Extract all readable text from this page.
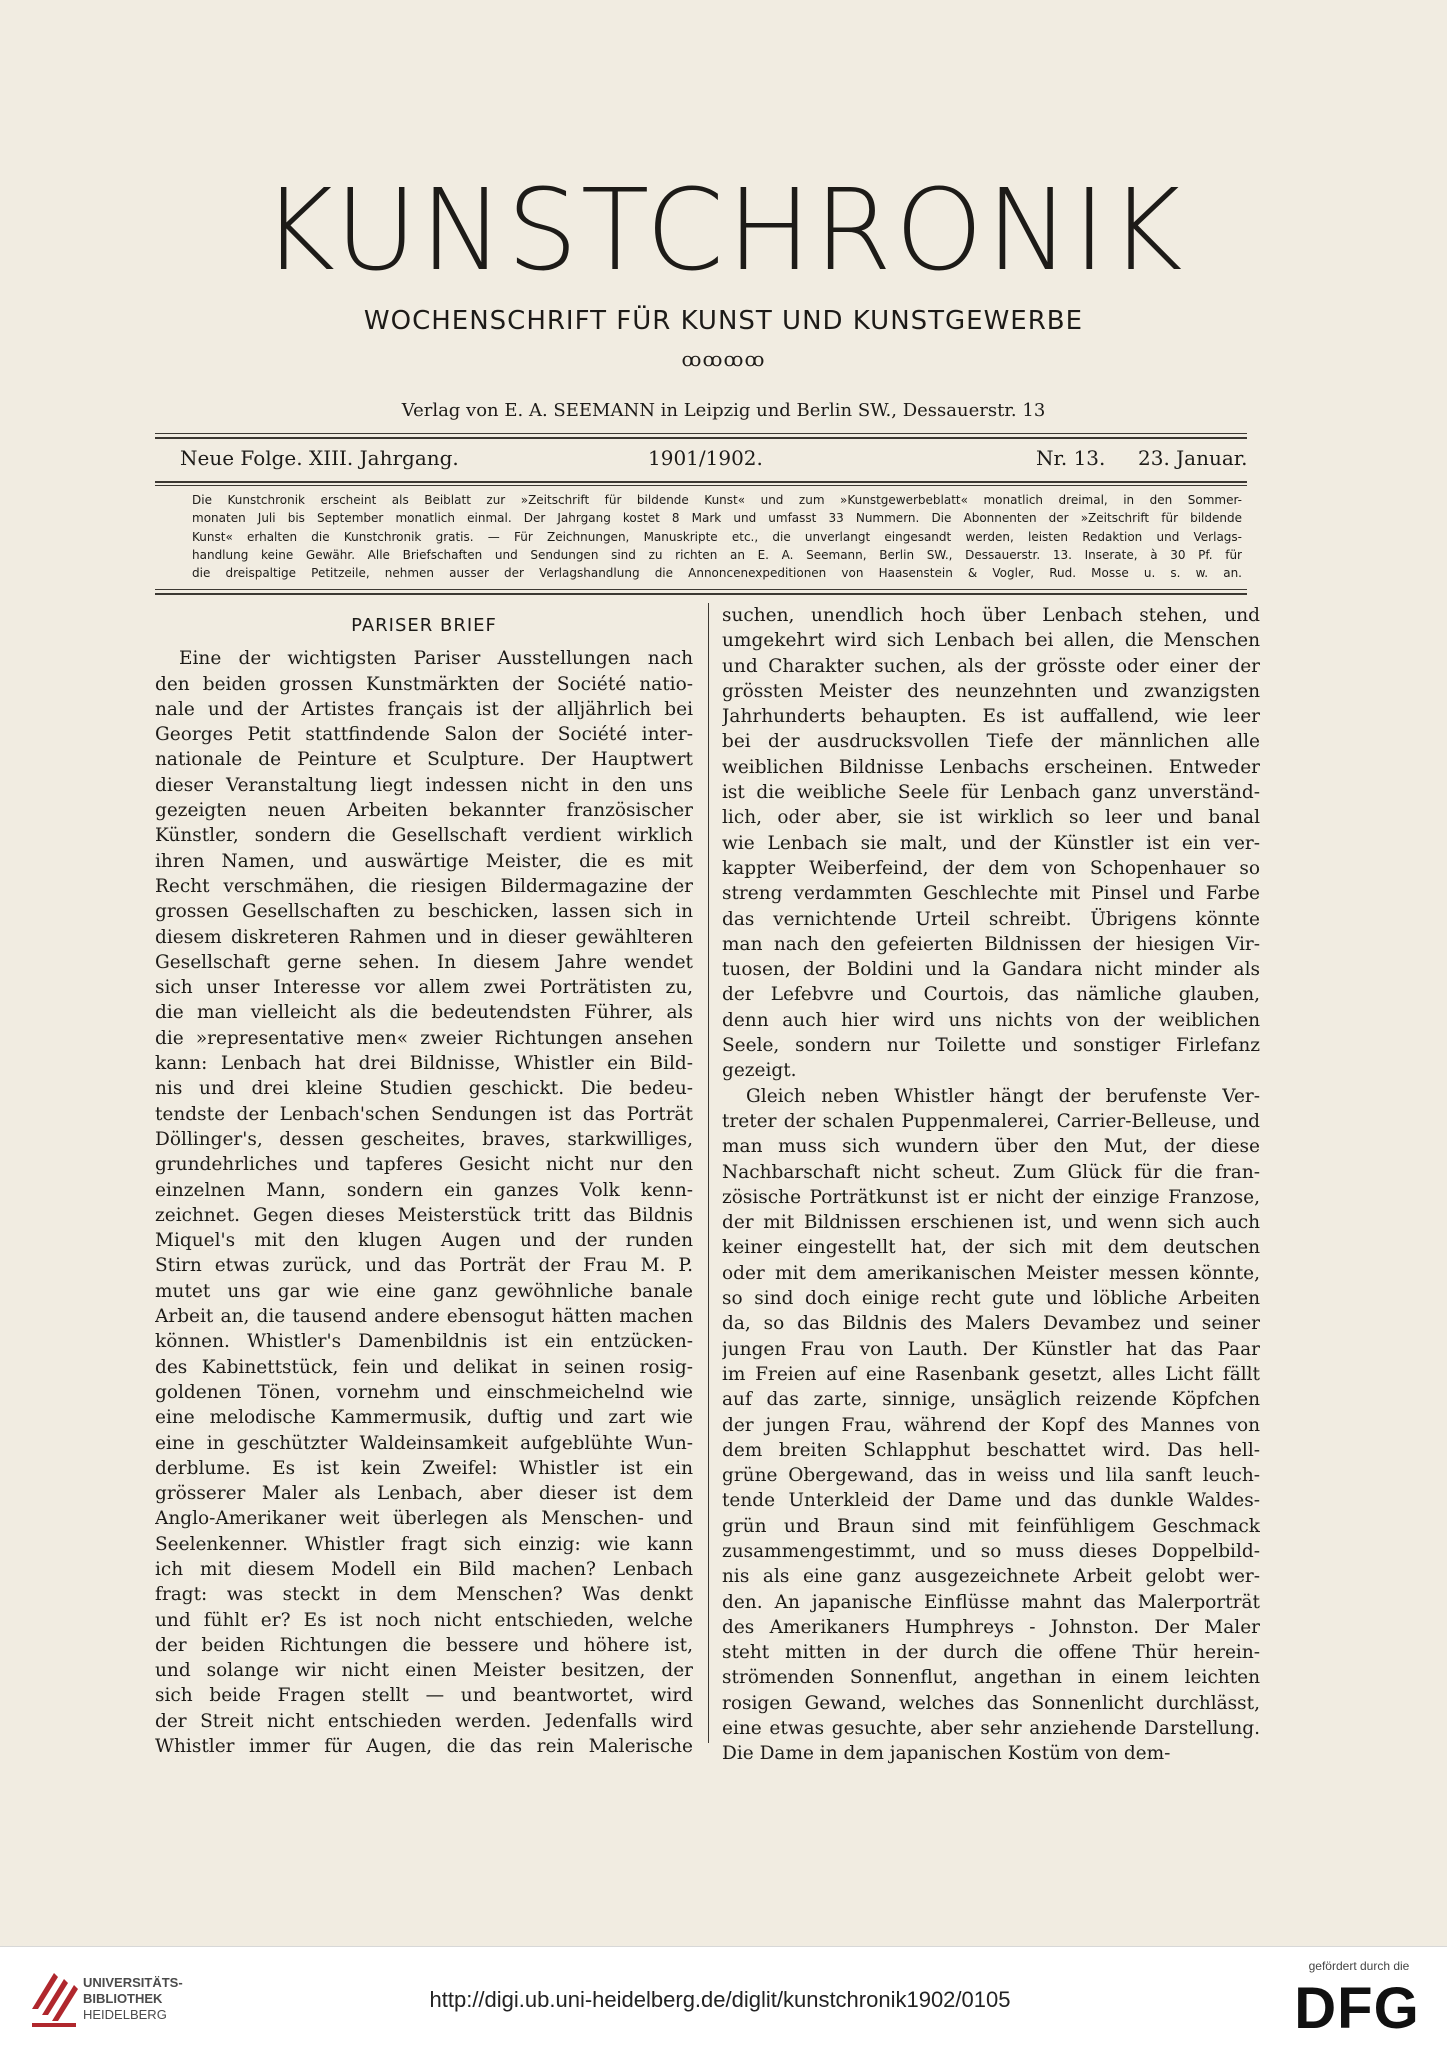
KUNSTCHRONIK
WOCHENSCHRIFT FÜR KUNST UND KUNSTGEWERBE
ꝏꝏꝏꝏ
Verlag von E. A. SEEMANN in Leipzig und Berlin SW., Dessauerstr. 13
Neue Folge. XIII. Jahrgang.	1901/1902.	Nr. 13. 23. Januar.
Die Kunstchronik erscheint als Beiblatt zur »Zeitschrift für bildende Kunst« und zum »Kunstgewerbeblatt« monatlich dreimal, in den Sommer-
monaten Juli bis September monatlich einmal. Der Jahrgang kostet 8 Mark und umfasst 33 Nummern. Die Abonnenten der »Zeitschrift für bildende
Kunst« erhalten die Kunstchronik gratis. — Für Zeichnungen, Manuskripte etc., die unverlangt eingesandt werden, leisten Redaktion und Verlags-
handlung keine Gewähr. Alle Briefschaften und Sendungen sind zu richten an E. A. Seemann, Berlin SW., Dessauerstr. 13. Inserate, à 30 Pf. für
die dreispaltige Petitzeile, nehmen ausser der Verlagshandlung die Annoncenexpeditionen von Haasenstein & Vogler, Rud. Mosse u. s. w. an.
PARISER BRIEF
Eine der wichtigsten Pariser Ausstellungen nach
den beiden grossen Kunstmärkten der Société natio-
nale und der Artistes français ist der alljährlich bei
Georges Petit stattfindende Salon der Société inter-
nationale de Peinture et Sculpture. Der Hauptwert
dieser Veranstaltung liegt indessen nicht in den uns
gezeigten neuen Arbeiten bekannter französischer
Künstler, sondern die Gesellschaft verdient wirklich
ihren Namen, und auswärtige Meister, die es mit
Recht verschmähen, die riesigen Bildermagazine der
grossen Gesellschaften zu beschicken, lassen sich in
diesem diskreteren Rahmen und in dieser gewählteren
Gesellschaft gerne sehen. In diesem Jahre wendet
sich unser Interesse vor allem zwei Porträtisten zu,
die man vielleicht als die bedeutendsten Führer, als
die »representative men« zweier Richtungen ansehen
kann: Lenbach hat drei Bildnisse, Whistler ein Bild-
nis und drei kleine Studien geschickt. Die bedeu-
tendste der Lenbach'schen Sendungen ist das Porträt
Döllinger's, dessen gescheites, braves, starkwilliges,
grundehrliches und tapferes Gesicht nicht nur den
einzelnen Mann, sondern ein ganzes Volk kenn-
zeichnet. Gegen dieses Meisterstück tritt das Bildnis
Miquel's mit den klugen Augen und der runden
Stirn etwas zurück, und das Porträt der Frau M. P.
mutet uns gar wie eine ganz gewöhnliche banale
Arbeit an, die tausend andere ebensogut hätten machen
können. Whistler's Damenbildnis ist ein entzücken-
des Kabinettstück, fein und delikat in seinen rosig-
goldenen Tönen, vornehm und einschmeichelnd wie
eine melodische Kammermusik, duftig und zart wie
eine in geschützter Waldeinsamkeit aufgeblühte Wun-
derblume. Es ist kein Zweifel: Whistler ist ein
grösserer Maler als Lenbach, aber dieser ist dem
Anglo-Amerikaner weit überlegen als Menschen- und
Seelenkenner. Whistler fragt sich einzig: wie kann
ich mit diesem Modell ein Bild machen? Lenbach
fragt: was steckt in dem Menschen? Was denkt
und fühlt er? Es ist noch nicht entschieden, welche
der beiden Richtungen die bessere und höhere ist,
und solange wir nicht einen Meister besitzen, der
sich beide Fragen stellt — und beantwortet, wird
der Streit nicht entschieden werden. Jedenfalls wird
Whistler immer für Augen, die das rein Malerische
suchen, unendlich hoch über Lenbach stehen, und
umgekehrt wird sich Lenbach bei allen, die Menschen
und Charakter suchen, als der grösste oder einer der
grössten Meister des neunzehnten und zwanzigsten
Jahrhunderts behaupten. Es ist auffallend, wie leer
bei der ausdrucksvollen Tiefe der männlichen alle
weiblichen Bildnisse Lenbachs erscheinen. Entweder
ist die weibliche Seele für Lenbach ganz unverständ-
lich, oder aber, sie ist wirklich so leer und banal
wie Lenbach sie malt, und der Künstler ist ein ver-
kappter Weiberfeind, der dem von Schopenhauer so
streng verdammten Geschlechte mit Pinsel und Farbe
das vernichtende Urteil schreibt. Übrigens könnte
man nach den gefeierten Bildnissen der hiesigen Vir-
tuosen, der Boldini und la Gandara nicht minder als
der Lefebvre und Courtois, das nämliche glauben,
denn auch hier wird uns nichts von der weiblichen
Seele, sondern nur Toilette und sonstiger Firlefanz
gezeigt.
Gleich neben Whistler hängt der berufenste Ver-
treter der schalen Puppenmalerei, Carrier-Belleuse, und
man muss sich wundern über den Mut, der diese
Nachbarschaft nicht scheut. Zum Glück für die fran-
zösische Porträtkunst ist er nicht der einzige Franzose,
der mit Bildnissen erschienen ist, und wenn sich auch
keiner eingestellt hat, der sich mit dem deutschen
oder mit dem amerikanischen Meister messen könnte,
so sind doch einige recht gute und löbliche Arbeiten
da, so das Bildnis des Malers Devambez und seiner
jungen Frau von Lauth. Der Künstler hat das Paar
im Freien auf eine Rasenbank gesetzt, alles Licht fällt
auf das zarte, sinnige, unsäglich reizende Köpfchen
der jungen Frau, während der Kopf des Mannes von
dem breiten Schlapphut beschattet wird. Das hell-
grüne Obergewand, das in weiss und lila sanft leuch-
tende Unterkleid der Dame und das dunkle Waldes-
grün und Braun sind mit feinfühligem Geschmack
zusammengestimmt, und so muss dieses Doppelbild-
nis als eine ganz ausgezeichnete Arbeit gelobt wer-
den. An japanische Einflüsse mahnt das Malerporträt
des Amerikaners Humphreys - Johnston. Der Maler
steht mitten in der durch die offene Thür herein-
strömenden Sonnenflut, angethan in einem leichten
rosigen Gewand, welches das Sonnenlicht durchlässt,
eine etwas gesuchte, aber sehr anziehende Darstellung.
Die Dame in dem japanischen Kostüm von dem-
UNIVERSITÄTS-
BIBLIOTHEK
HEIDELBERG
http://digi.ub.uni-heidelberg.de/diglit/kunstchronik1902/0105
gefördert durch die
DFG
